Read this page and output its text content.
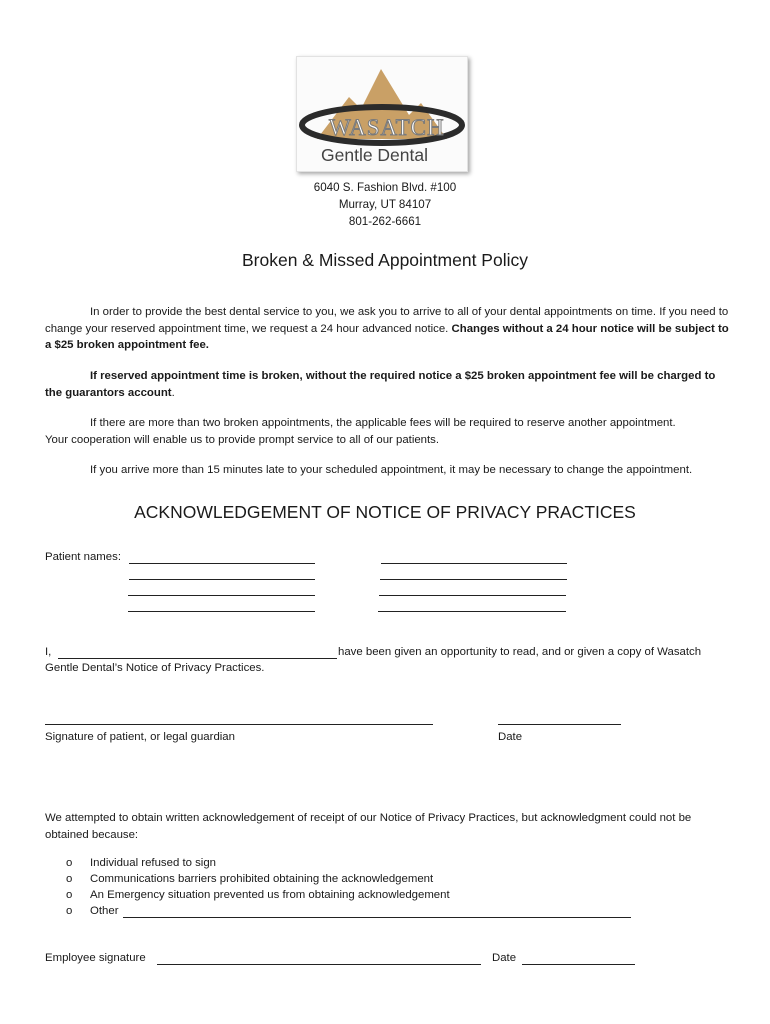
WASATCH
Gentle Dental
6040 S. Fashion Blvd. #100
Murray, UT 84107
801-262-6661
Broken & Missed Appointment Policy
In order to provide the best dental service to you, we ask you to arrive to all of your dental appointments on time. If you need to change your reserved appointment time, we request a 24 hour advanced notice. Changes without a 24 hour notice will be subject to a $25 broken appointment fee.
If reserved appointment time is broken, without the required notice a $25 broken appointment fee will be charged to the guarantors account.
If there are more than two broken appointments, the applicable fees will be required to reserve another appointment.
Your cooperation will enable us to provide prompt service to all of our patients.
If you arrive more than 15 minutes late to your scheduled appointment, it may be necessary to change the appointment.
ACKNOWLEDGEMENT OF NOTICE OF PRIVACY PRACTICES
Patient names:
I,	have been given an opportunity to read, and or given a copy of Wasatch
Gentle Dental’s Notice of Privacy Practices.
Signature of patient, or legal guardian	Date
We attempted to obtain written acknowledgement of receipt of our Notice of Privacy Practices, but acknowledgment could not be obtained because:
o Individual refused to sign
o Communications barriers prohibited obtaining the acknowledgement
o An Emergency situation prevented us from obtaining acknowledgement
o Other
Employee signature	Date
